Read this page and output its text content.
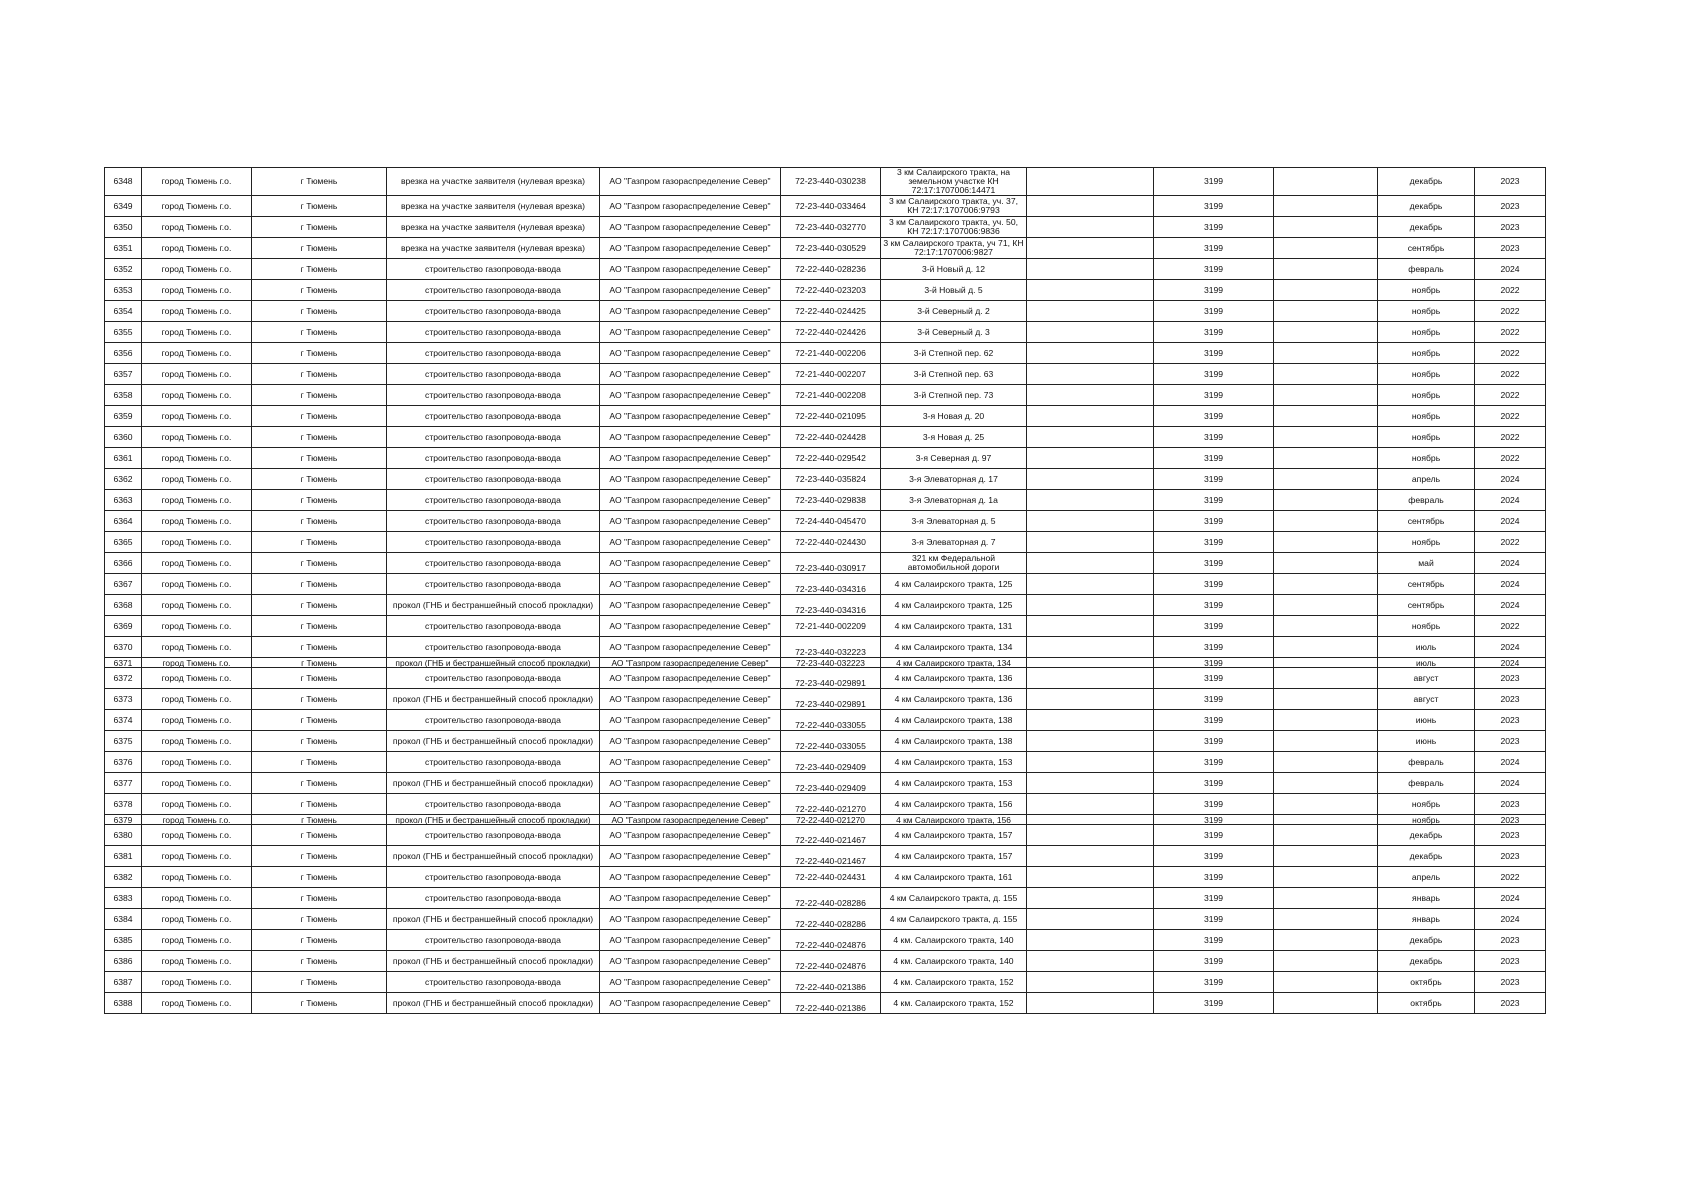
6348	город Тюмень г.о.	г Тюмень	врезка на участке заявителя (нулевая врезка)	АО "Газпром газораспределение Север"	72-23-440-030238	3 км Салаирского тракта, на земельном участке КН 72:17:1707006:14471		3199		декабрь	2023
6349	город Тюмень г.о.	г Тюмень	врезка на участке заявителя (нулевая врезка)	АО "Газпром газораспределение Север"	72-23-440-033464	3 км Салаирского тракта, уч. 37, КН 72:17:1707006:9793		3199		декабрь	2023
6350	город Тюмень г.о.	г Тюмень	врезка на участке заявителя (нулевая врезка)	АО "Газпром газораспределение Север"	72-23-440-032770	3 км Салаирского тракта, уч. 50, КН 72:17:1707006:9836		3199		декабрь	2023
6351	город Тюмень г.о.	г Тюмень	врезка на участке заявителя (нулевая врезка)	АО "Газпром газораспределение Север"	72-23-440-030529	3 км Салаирского тракта, уч 71, КН 72:17:1707006:9827		3199		сентябрь	2023
6352	город Тюмень г.о.	г Тюмень	строительство газопровода-ввода	АО "Газпром газораспределение Север"	72-22-440-028236	3-й Новый д. 12		3199		февраль	2024
6353	город Тюмень г.о.	г Тюмень	строительство газопровода-ввода	АО "Газпром газораспределение Север"	72-22-440-023203	3-й Новый д. 5		3199		ноябрь	2022
6354	город Тюмень г.о.	г Тюмень	строительство газопровода-ввода	АО "Газпром газораспределение Север"	72-22-440-024425	3-й Северный д. 2		3199		ноябрь	2022
6355	город Тюмень г.о.	г Тюмень	строительство газопровода-ввода	АО "Газпром газораспределение Север"	72-22-440-024426	3-й Северный д. 3		3199		ноябрь	2022
6356	город Тюмень г.о.	г Тюмень	строительство газопровода-ввода	АО "Газпром газораспределение Север"	72-21-440-002206	3-й Степной пер. 62		3199		ноябрь	2022
6357	город Тюмень г.о.	г Тюмень	строительство газопровода-ввода	АО "Газпром газораспределение Север"	72-21-440-002207	3-й Степной пер. 63		3199		ноябрь	2022
6358	город Тюмень г.о.	г Тюмень	строительство газопровода-ввода	АО "Газпром газораспределение Север"	72-21-440-002208	3-й Степной пер. 73		3199		ноябрь	2022
6359	город Тюмень г.о.	г Тюмень	строительство газопровода-ввода	АО "Газпром газораспределение Север"	72-22-440-021095	3-я Новая д. 20		3199		ноябрь	2022
6360	город Тюмень г.о.	г Тюмень	строительство газопровода-ввода	АО "Газпром газораспределение Север"	72-22-440-024428	3-я Новая д. 25		3199		ноябрь	2022
6361	город Тюмень г.о.	г Тюмень	строительство газопровода-ввода	АО "Газпром газораспределение Север"	72-22-440-029542	3-я Северная д. 97		3199		ноябрь	2022
6362	город Тюмень г.о.	г Тюмень	строительство газопровода-ввода	АО "Газпром газораспределение Север"	72-23-440-035824	3-я Элеваторная д. 17		3199		апрель	2024
6363	город Тюмень г.о.	г Тюмень	строительство газопровода-ввода	АО "Газпром газораспределение Север"	72-23-440-029838	3-я Элеваторная д. 1а		3199		февраль	2024
6364	город Тюмень г.о.	г Тюмень	строительство газопровода-ввода	АО "Газпром газораспределение Север"	72-24-440-045470	3-я Элеваторная д. 5		3199		сентябрь	2024
6365	город Тюмень г.о.	г Тюмень	строительство газопровода-ввода	АО "Газпром газораспределение Север"	72-22-440-024430	3-я Элеваторная д. 7		3199		ноябрь	2022
6366	город Тюмень г.о.	г Тюмень	строительство газопровода-ввода	АО "Газпром газораспределение Север"	72-23-440-030917	321 км Федеральной автомобильной дороги		3199		май	2024
6367	город Тюмень г.о.	г Тюмень	строительство газопровода-ввода	АО "Газпром газораспределение Север"	72-23-440-034316	4 км Салаирского тракта, 125		3199		сентябрь	2024
6368	город Тюмень г.о.	г Тюмень	прокол (ГНБ и бестраншейный способ прокладки)	АО "Газпром газораспределение Север"	72-23-440-034316	4 км Салаирского тракта, 125		3199		сентябрь	2024
6369	город Тюмень г.о.	г Тюмень	строительство газопровода-ввода	АО "Газпром газораспределение Север"	72-21-440-002209	4 км Салаирского тракта, 131		3199		ноябрь	2022
6370	город Тюмень г.о.	г Тюмень	строительство газопровода-ввода	АО "Газпром газораспределение Север"	72-23-440-032223	4 км Салаирского тракта, 134		3199		июль	2024
6371	город Тюмень г.о.	г Тюмень	прокол (ГНБ и бестраншейный способ прокладки)	АО "Газпром газораспределение Север"	72-23-440-032223	4 км Салаирского тракта, 134		3199		июль	2024
6372	город Тюмень г.о.	г Тюмень	строительство газопровода-ввода	АО "Газпром газораспределение Север"	72-23-440-029891	4 км Салаирского тракта, 136		3199		август	2023
6373	город Тюмень г.о.	г Тюмень	прокол (ГНБ и бестраншейный способ прокладки)	АО "Газпром газораспределение Север"	72-23-440-029891	4 км Салаирского тракта, 136		3199		август	2023
6374	город Тюмень г.о.	г Тюмень	строительство газопровода-ввода	АО "Газпром газораспределение Север"	72-22-440-033055	4 км Салаирского тракта, 138		3199		июнь	2023
6375	город Тюмень г.о.	г Тюмень	прокол (ГНБ и бестраншейный способ прокладки)	АО "Газпром газораспределение Север"	72-22-440-033055	4 км Салаирского тракта, 138		3199		июнь	2023
6376	город Тюмень г.о.	г Тюмень	строительство газопровода-ввода	АО "Газпром газораспределение Север"	72-23-440-029409	4 км Салаирского тракта, 153		3199		февраль	2024
6377	город Тюмень г.о.	г Тюмень	прокол (ГНБ и бестраншейный способ прокладки)	АО "Газпром газораспределение Север"	72-23-440-029409	4 км Салаирского тракта, 153		3199		февраль	2024
6378	город Тюмень г.о.	г Тюмень	строительство газопровода-ввода	АО "Газпром газораспределение Север"	72-22-440-021270	4 км Салаирского тракта, 156		3199		ноябрь	2023
6379	город Тюмень г.о.	г Тюмень	прокол (ГНБ и бестраншейный способ прокладки)	АО "Газпром газораспределение Север"	72-22-440-021270	4 км Салаирского тракта, 156		3199		ноябрь	2023
6380	город Тюмень г.о.	г Тюмень	строительство газопровода-ввода	АО "Газпром газораспределение Север"	72-22-440-021467	4 км Салаирского тракта, 157		3199		декабрь	2023
6381	город Тюмень г.о.	г Тюмень	прокол (ГНБ и бестраншейный способ прокладки)	АО "Газпром газораспределение Север"	72-22-440-021467	4 км Салаирского тракта, 157		3199		декабрь	2023
6382	город Тюмень г.о.	г Тюмень	строительство газопровода-ввода	АО "Газпром газораспределение Север"	72-22-440-024431	4 км Салаирского тракта, 161		3199		апрель	2022
6383	город Тюмень г.о.	г Тюмень	строительство газопровода-ввода	АО "Газпром газораспределение Север"	72-22-440-028286	4 км Салаирского тракта, д. 155		3199		январь	2024
6384	город Тюмень г.о.	г Тюмень	прокол (ГНБ и бестраншейный способ прокладки)	АО "Газпром газораспределение Север"	72-22-440-028286	4 км Салаирского тракта, д. 155		3199		январь	2024
6385	город Тюмень г.о.	г Тюмень	строительство газопровода-ввода	АО "Газпром газораспределение Север"	72-22-440-024876	4 км. Салаирского тракта, 140		3199		декабрь	2023
6386	город Тюмень г.о.	г Тюмень	прокол (ГНБ и бестраншейный способ прокладки)	АО "Газпром газораспределение Север"	72-22-440-024876	4 км. Салаирского тракта, 140		3199		декабрь	2023
6387	город Тюмень г.о.	г Тюмень	строительство газопровода-ввода	АО "Газпром газораспределение Север"	72-22-440-021386	4 км. Салаирского тракта, 152		3199		октябрь	2023
6388	город Тюмень г.о.	г Тюмень	прокол (ГНБ и бестраншейный способ прокладки)	АО "Газпром газораспределение Север"	72-22-440-021386	4 км. Салаирского тракта, 152		3199		октябрь	2023
